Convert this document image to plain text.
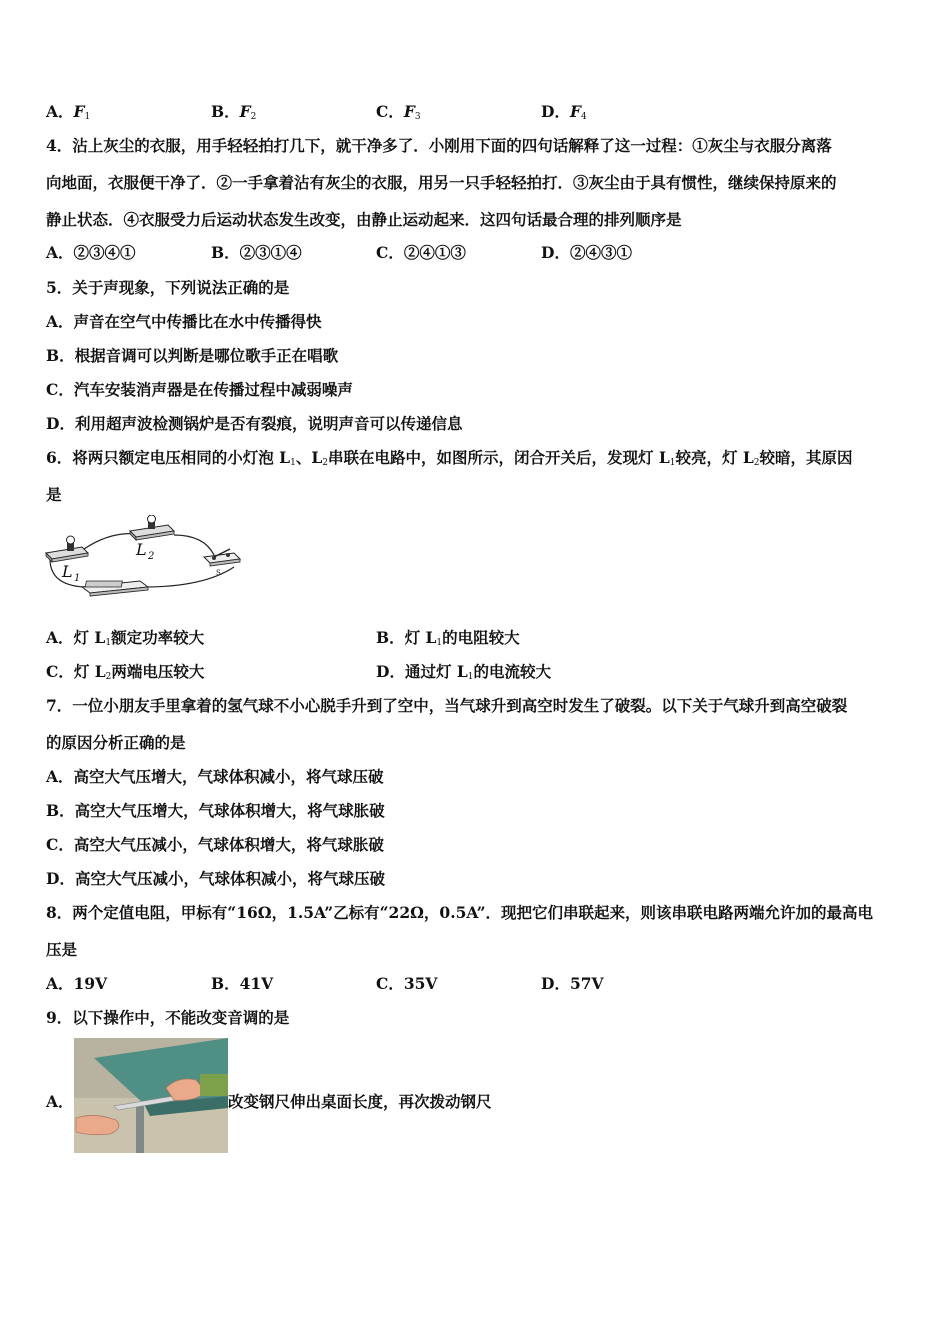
A．$F_1$	B．$F_2$	C．$F_3$	D．$F_4$
4．沾上灰尘的衣服，用手轻轻拍打几下，就干净多了．小刚用下面的四句话解释了这一过程：①灰尘与衣服分离落
向地面，衣服便干净了．②一手拿着沾有灰尘的衣服，用另一只手轻轻拍打．③灰尘由于具有惯性，继续保持原来的
静止状态．④衣服受力后运动状态发生改变，由静止运动起来．这四句话最合理的排列顺序是
A．②③④①	B．②③①④	C．②④①③	D．②④③①
5．关于声现象，下列说法正确的是
A．声音在空气中传播比在水中传播得快
B．根据音调可以判断是哪位歌手正在唱歌
C．汽车安装消声器是在传播过程中减弱噪声
D．利用超声波检测锅炉是否有裂痕，说明声音可以传递信息
6．将两只额定电压相同的小灯泡 $L_1$、$L_2$串联在电路中，如图所示，闭合开关后，发现灯 $L_1$较亮，灯 $L_2$较暗，其原因
是
L 1
L 2
S
A．灯 $L_1$额定功率较大	B．灯 $L_1$的电阻较大
C．灯 $L_2$两端电压较大	D．通过灯 $L_1$的电流较大
7．一位小朋友手里拿着的氢气球不小心脱手升到了空中，当气球升到高空时发生了破裂。以下关于气球升到高空破裂
的原因分析正确的是
A．高空大气压增大，气球体积减小，将气球压破
B．高空大气压增大，气球体积增大，将气球胀破
C．高空大气压减小，气球体积增大，将气球胀破
D．高空大气压减小，气球体积减小，将气球压破
8．两个定值电阻，甲标有“16Ω，1.5A”乙标有“22Ω，0.5A”．现把它们串联起来，则该串联电路两端允许加的最高电
压是
A．19V	B．41V	C．35V	D．57V
9．以下操作中，不能改变音调的是
A．	改变钢尺伸出桌面长度，再次拨动钢尺
